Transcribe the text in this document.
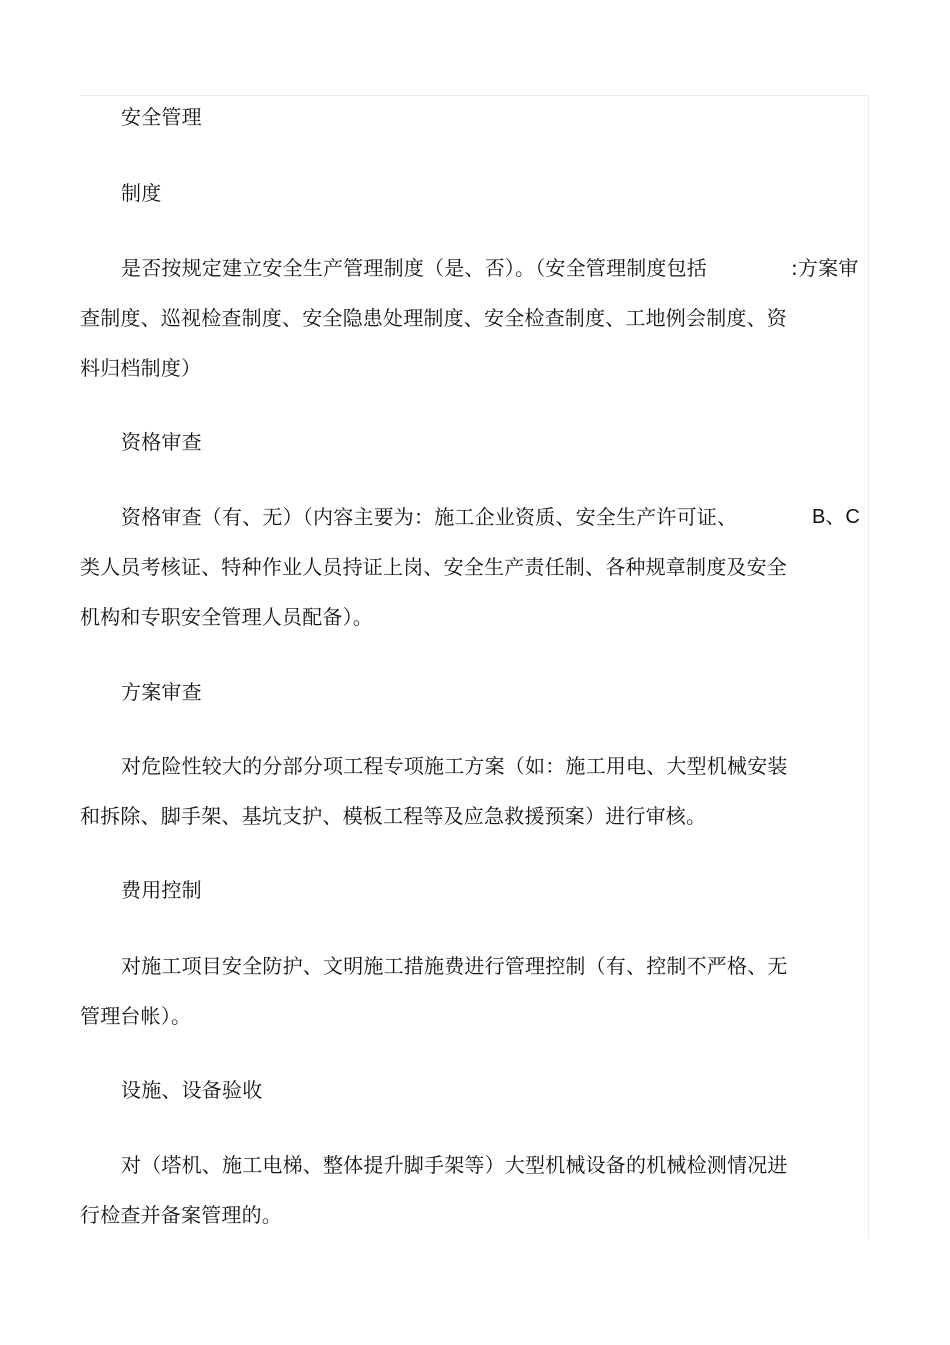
安全管理
制度
是否按规定建立安全生产管理制度（是、否）。（安全管理制度包括	:方案审
查制度、巡视检查制度、安全隐患处理制度、安全检查制度、工地例会制度、资
料归档制度）
资格审查
资格审查（有、无）（内容主要为：施工企业资质、安全生产许可证、	B、C
类人员考核证、特种作业人员持证上岗、安全生产责任制、各种规章制度及安全
机构和专职安全管理人员配备）。
方案审查
对危险性较大的分部分项工程专项施工方案（如：施工用电、大型机械安装
和拆除、脚手架、基坑支护、模板工程等及应急救援预案）进行审核。
费用控制
对施工项目安全防护、文明施工措施费进行管理控制（有、控制不严格、无
管理台帐）。
设施、设备验收
对（塔机、施工电梯、整体提升脚手架等）大型机械设备的机械检测情况进
行检查并备案管理的。
